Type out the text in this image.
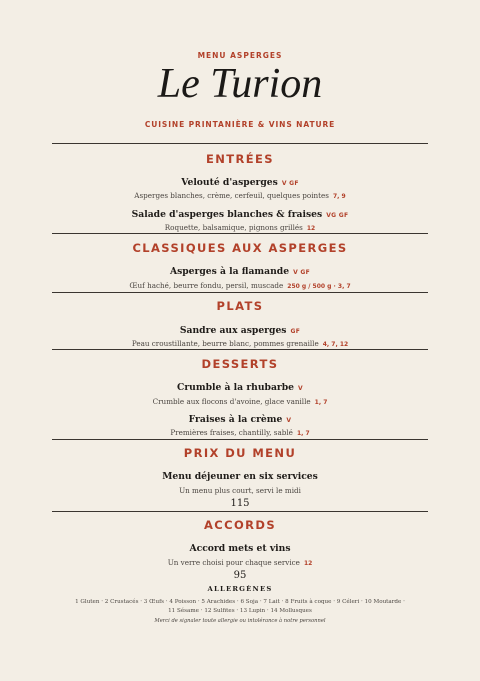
MENU ASPERGES
Le Turion
CUISINE PRINTANIÈRE & VINS NATURE
ENTRÉES
Velouté d'asperges V GF
Asperges blanches, crème, cerfeuil, quelques pointes 7, 9
Salade d'asperges blanches & fraises VG GF
Roquette, balsamique, pignons grillés 12
CLASSIQUES AUX ASPERGES
Asperges à la flamande V GF
Œuf haché, beurre fondu, persil, muscade 250 g / 500 g · 3, 7
PLATS
Sandre aux asperges GF
Peau croustillante, beurre blanc, pommes grenaille 4, 7, 12
DESSERTS
Crumble à la rhubarbe V
Crumble aux flocons d'avoine, glace vanille 1, 7
Fraises à la crème V
Premières fraises, chantilly, sablé 1, 7
PRIX DU MENU
Menu déjeuner en six services
Un menu plus court, servi le midi
115
ACCORDS
Accord mets et vins
Un verre choisi pour chaque service 12
95
ALLERGÈNES
1 Gluten · 2 Crustacés · 3 Œufs · 4 Poisson · 5 Arachides · 6 Soja · 7 Lait · 8 Fruits à coque · 9 Céleri · 10 Moutarde ·
11 Sésame · 12 Sulfites · 13 Lupin · 14 Mollusques
Merci de signaler toute allergie ou intolérance à notre personnel
